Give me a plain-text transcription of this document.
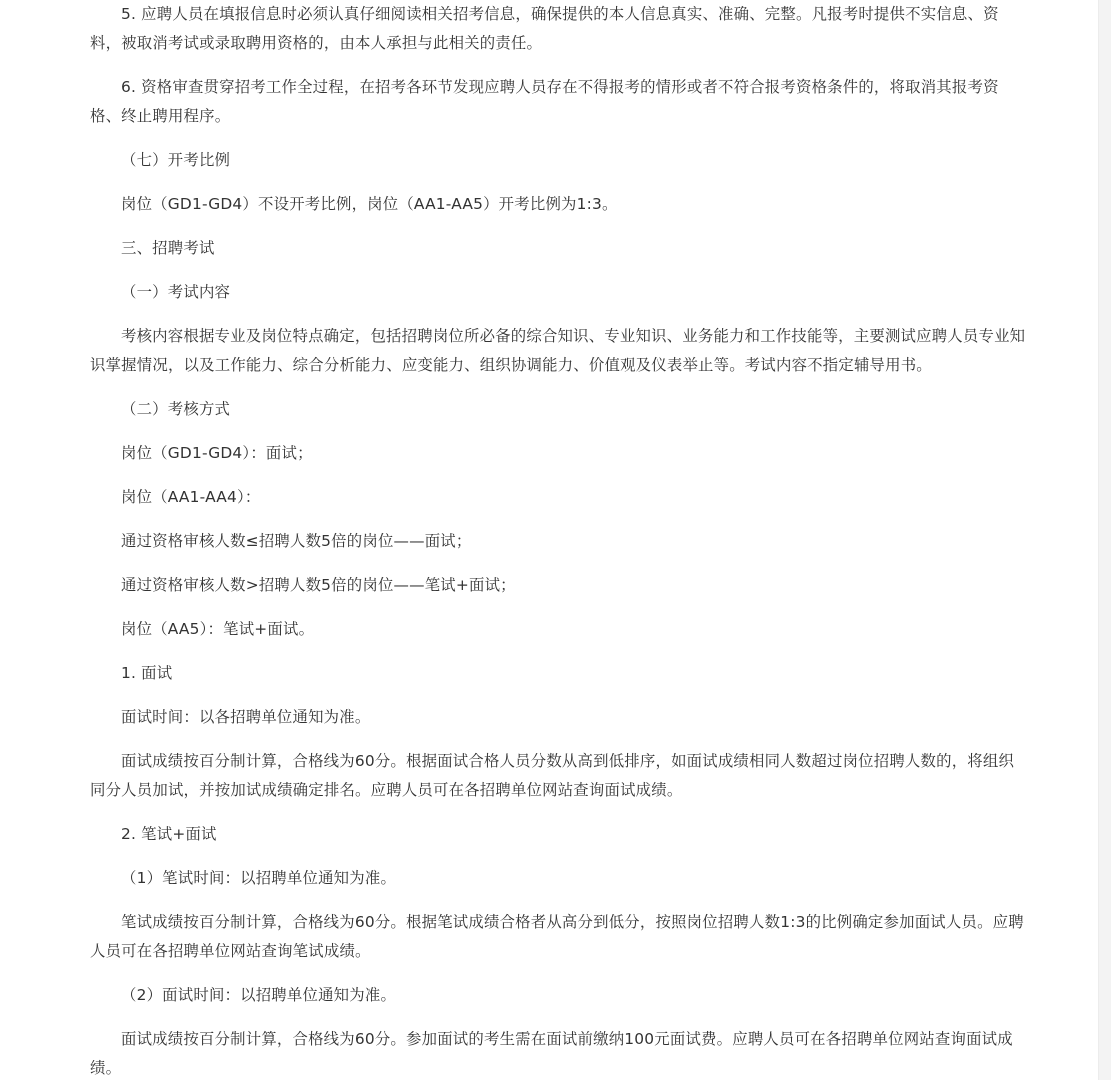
5. 应聘人员在填报信息时必须认真仔细阅读相关招考信息，确保提供的本人信息真实、准确、完整。凡报考时提供不实信息、资料，被取消考试或录取聘用资格的，由本人承担与此相关的责任。

6. 资格审查贯穿招考工作全过程，在招考各环节发现应聘人员存在不得报考的情形或者不符合报考资格条件的，将取消其报考资格、终止聘用程序。

（七）开考比例

岗位（GD1-GD4）不设开考比例，岗位（AA1-AA5）开考比例为1:3。

三、招聘考试

（一）考试内容

考核内容根据专业及岗位特点确定，包括招聘岗位所必备的综合知识、专业知识、业务能力和工作技能等，主要测试应聘人员专业知识掌握情况，以及工作能力、综合分析能力、应变能力、组织协调能力、价值观及仪表举止等。考试内容不指定辅导用书。

（二）考核方式

岗位（GD1-GD4）：面试；

岗位（AA1-AA4）：

通过资格审核人数≤招聘人数5倍的岗位——面试；

通过资格审核人数>招聘人数5倍的岗位——笔试+面试；

岗位（AA5）：笔试+面试。

1. 面试

面试时间：以各招聘单位通知为准。

面试成绩按百分制计算，合格线为60分。根据面试合格人员分数从高到低排序，如面试成绩相同人数超过岗位招聘人数的，将组织同分人员加试，并按加试成绩确定排名。应聘人员可在各招聘单位网站查询面试成绩。

2. 笔试+面试

（1）笔试时间：以招聘单位通知为准。

笔试成绩按百分制计算，合格线为60分。根据笔试成绩合格者从高分到低分，按照岗位招聘人数1:3的比例确定参加面试人员。应聘人员可在各招聘单位网站查询笔试成绩。

（2）面试时间：以招聘单位通知为准。

面试成绩按百分制计算，合格线为60分。参加面试的考生需在面试前缴纳100元面试费。应聘人员可在各招聘单位网站查询面试成绩。
